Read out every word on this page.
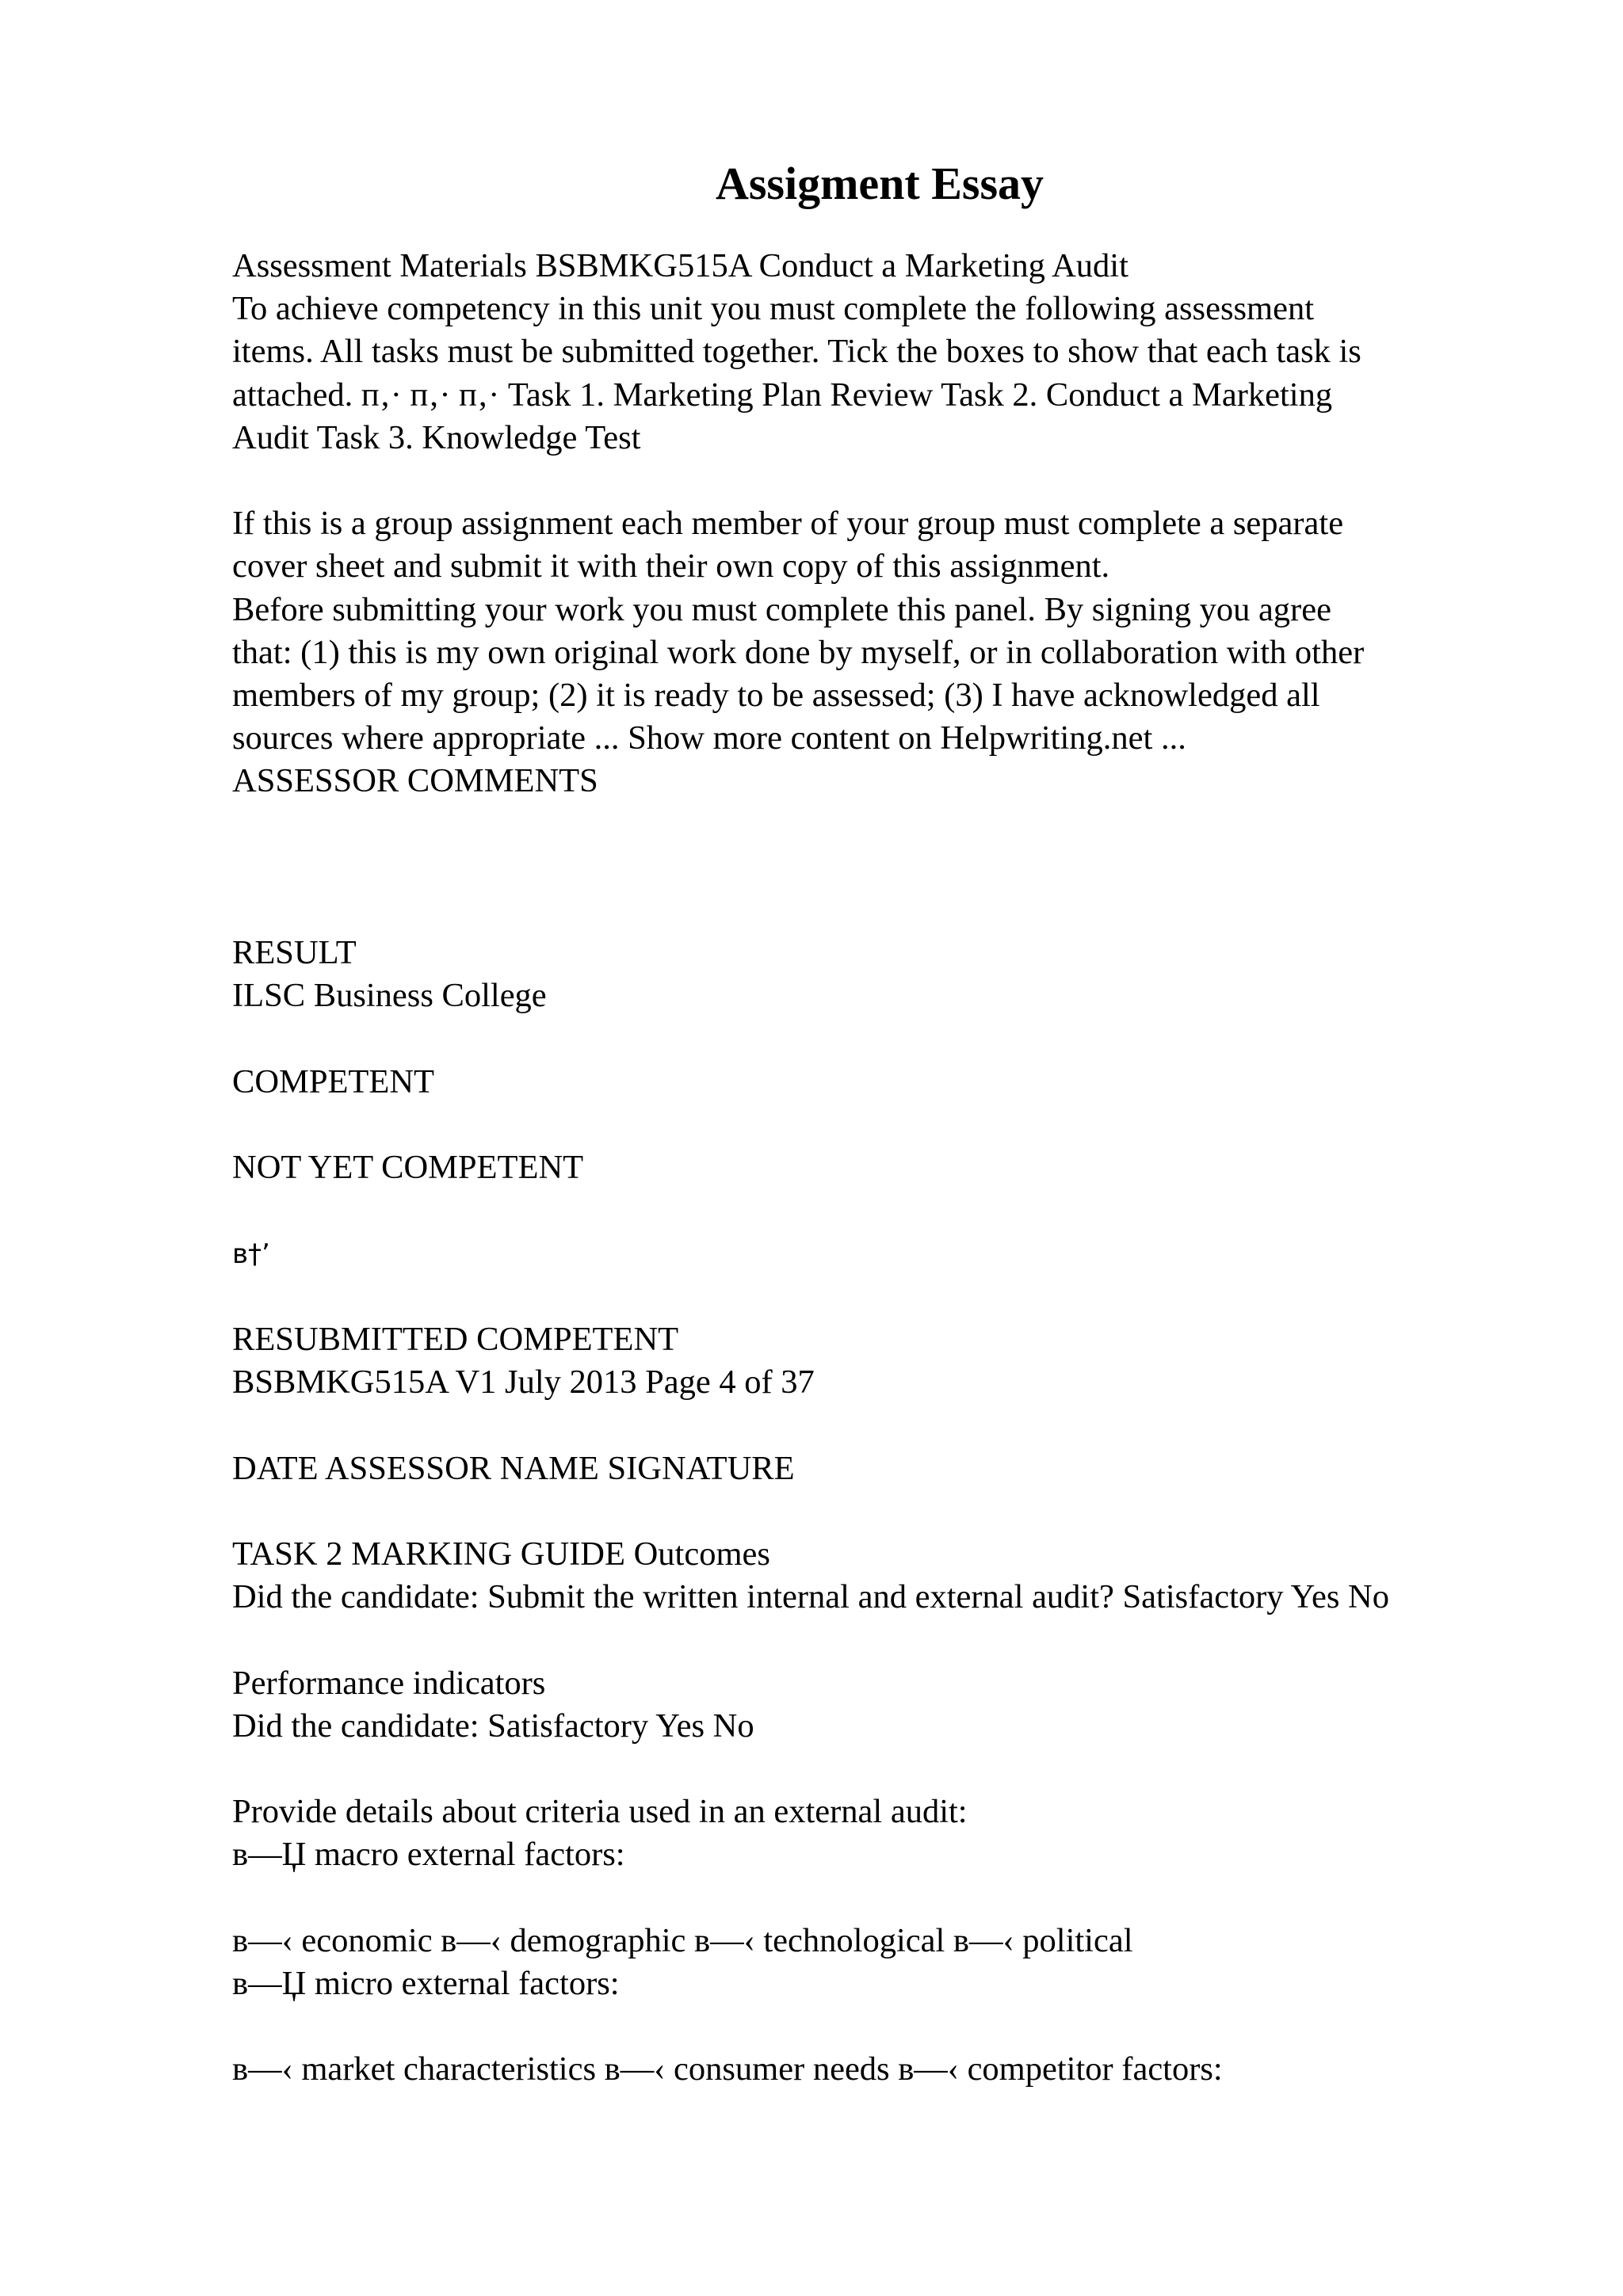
Assigment Essay
Assessment Materials BSBMKG515A Conduct a Marketing Audit
To achieve competency in this unit you must complete the following assessment
items. All tasks must be submitted together. Tick the boxes to show that each task is
attached. п‚· п‚· п‚· Task 1. Marketing Plan Review Task 2. Conduct a Marketing
Audit Task 3. Knowledge Test
If this is a group assignment each member of your group must complete a separate
cover sheet and submit it with their own copy of this assignment.
Before submitting your work you must complete this panel. By signing you agree
that: (1) this is my own original work done by myself, or in collaboration with other
members of my group; (2) it is ready to be assessed; (3) I have acknowledged all
sources where appropriate ... Show more content on Helpwriting.net ...
ASSESSOR COMMENTS
RESULT
ILSC Business College
COMPETENT
NOT YET COMPETENT
в†’
RESUBMITTED COMPETENT
BSBMKG515A V1 July 2013 Page 4 of 37
DATE ASSESSOR NAME SIGNATURE
TASK 2 MARKING GUIDE Outcomes
Did the candidate: Submit the written internal and external audit? Satisfactory Yes No
Performance indicators
Did the candidate: Satisfactory Yes No
Provide details about criteria used in an external audit:
в—Џ macro external factors:
в—‹ economic в—‹ demographic в—‹ technological в—‹ political
в—Џ micro external factors:
в—‹ market characteristics в—‹ consumer needs в—‹ competitor factors:
